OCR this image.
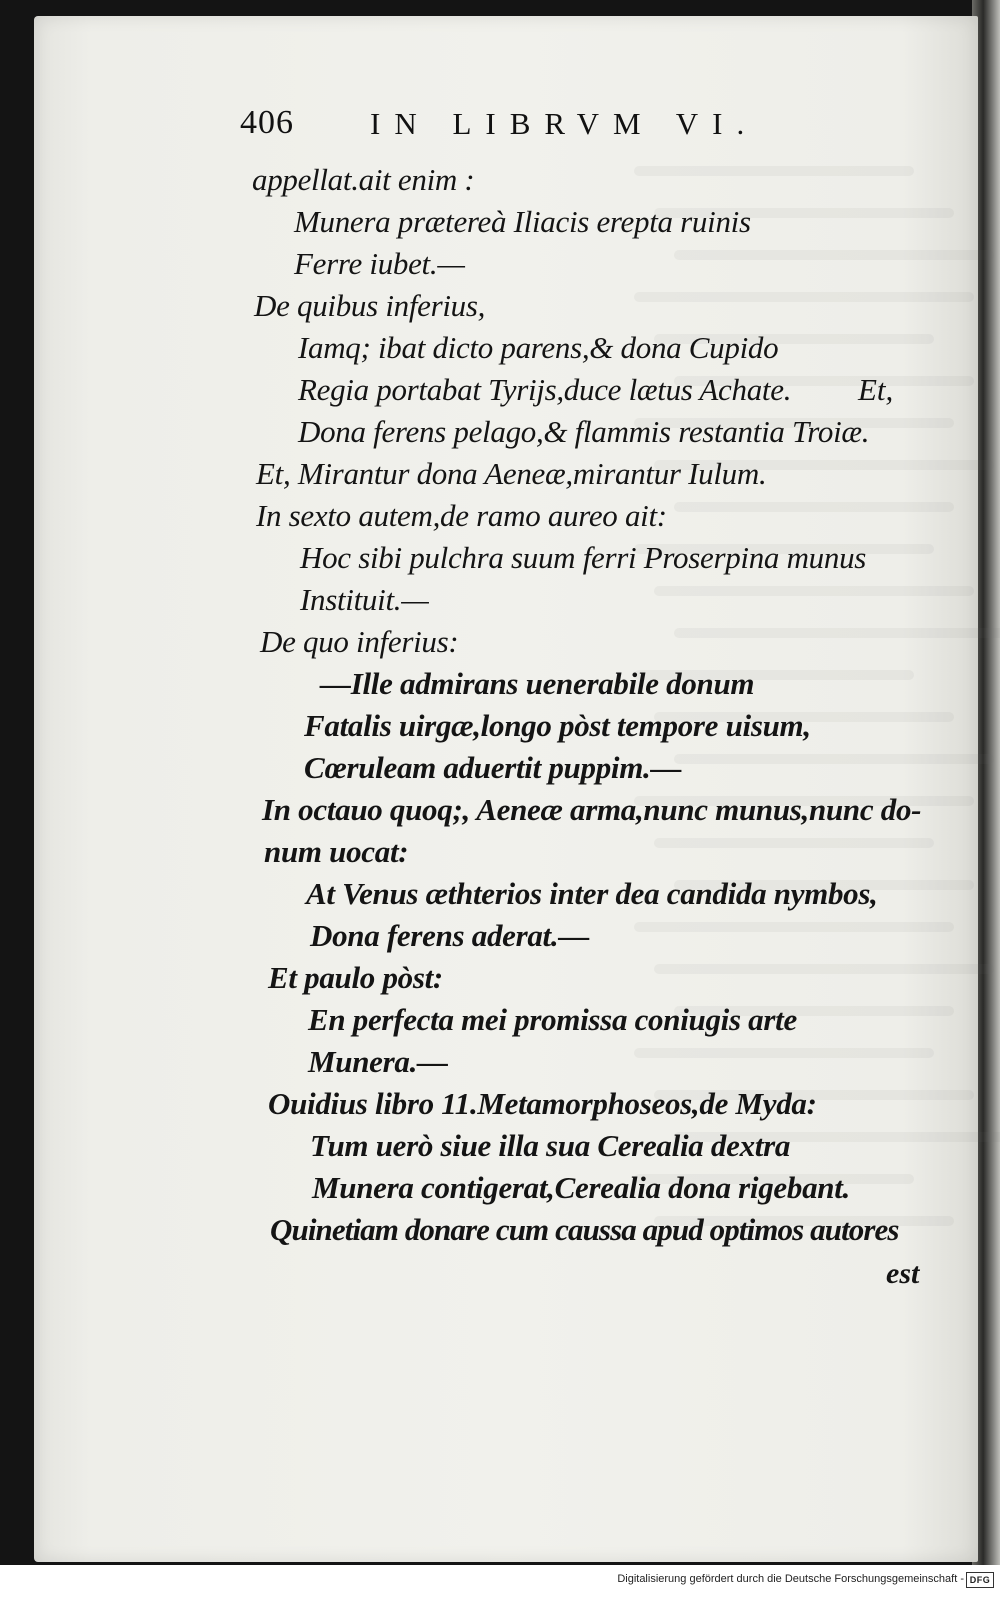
406 IN LIBRVM VI.
appellat.ait enim :
Munera prætereà Iliacis erepta ruinis
Ferre iubet.—
De quibus inferius,
Iamq; ibat dicto parens,& dona Cupido
Regia portabat Tyrijs,duce lætus Achate.
Dona ferens pelago,& flammis restantia Troiæ.
Et, Mirantur dona Aeneæ,mirantur Iulum.
In sexto autem,de ramo aureo ait:
Hoc sibi pulchra suum ferri Proserpina munus
Instituit.—
De quo inferius:
—Ille admirans uenerabile donum
Fatalis uirgæ,longo pòst tempore uisum,
Cœruleam aduertit puppim.—
In octauo quoq;, Aeneæ arma,nunc munus,nunc do-
num uocat:
At Venus æthterios inter dea candida nymbos,
Dona ferens aderat.—
Et paulo pòst:
En perfecta mei promissa coniugis arte
Munera.—
Ouidius libro 11.Metamorphoseos,de Myda:
Tum uerò siue illa sua Cerealia dextra
Munera contigerat,Cerealia dona rigebant.
Quinetiam donare cum caussa apud optimos autores
Et,
est
Digitalisierung gefördert durch die Deutsche Forschungsgemeinschaft - DFG
